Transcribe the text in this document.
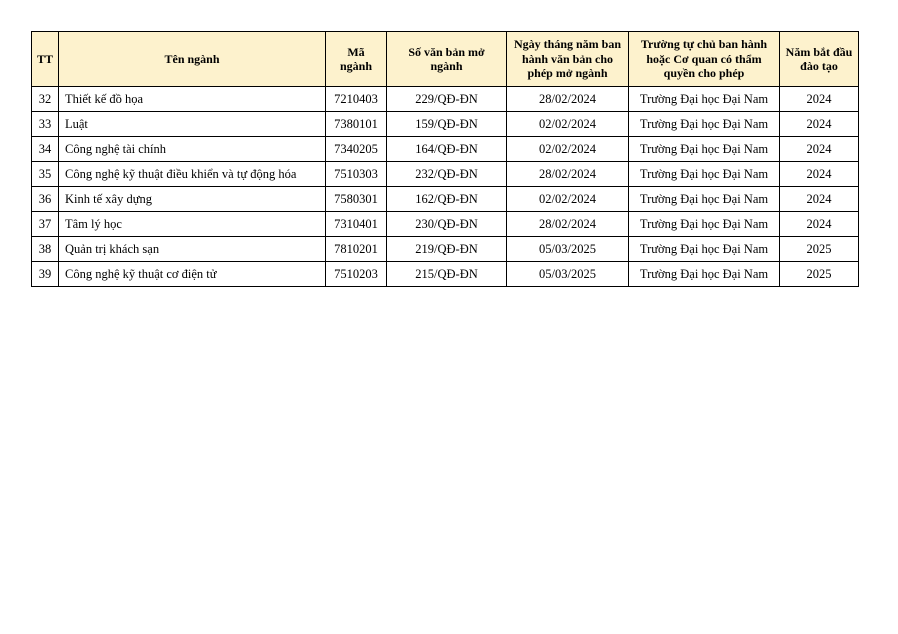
TT	Tên ngành	Mã ngành	Số văn bản mở ngành	Ngày tháng năm ban hành văn bản cho phép mở ngành	Trường tự chủ ban hành hoặc Cơ quan có thẩm quyền cho phép	Năm bắt đầu đào tạo
32	Thiết kế đồ họa	7210403	229/QĐ-ĐN	28/02/2024	Trường Đại học Đại Nam	2024
33	Luật	7380101	159/QĐ-ĐN	02/02/2024	Trường Đại học Đại Nam	2024
34	Công nghệ tài chính	7340205	164/QĐ-ĐN	02/02/2024	Trường Đại học Đại Nam	2024
35	Công nghệ kỹ thuật điều khiển và tự động hóa	7510303	232/QĐ-ĐN	28/02/2024	Trường Đại học Đại Nam	2024
36	Kinh tế xây dựng	7580301	162/QĐ-ĐN	02/02/2024	Trường Đại học Đại Nam	2024
37	Tâm lý học	7310401	230/QĐ-ĐN	28/02/2024	Trường Đại học Đại Nam	2024
38	Quản trị khách sạn	7810201	219/QĐ-ĐN	05/03/2025	Trường Đại học Đại Nam	2025
39	Công nghệ kỹ thuật cơ điện tử	7510203	215/QĐ-ĐN	05/03/2025	Trường Đại học Đại Nam	2025
